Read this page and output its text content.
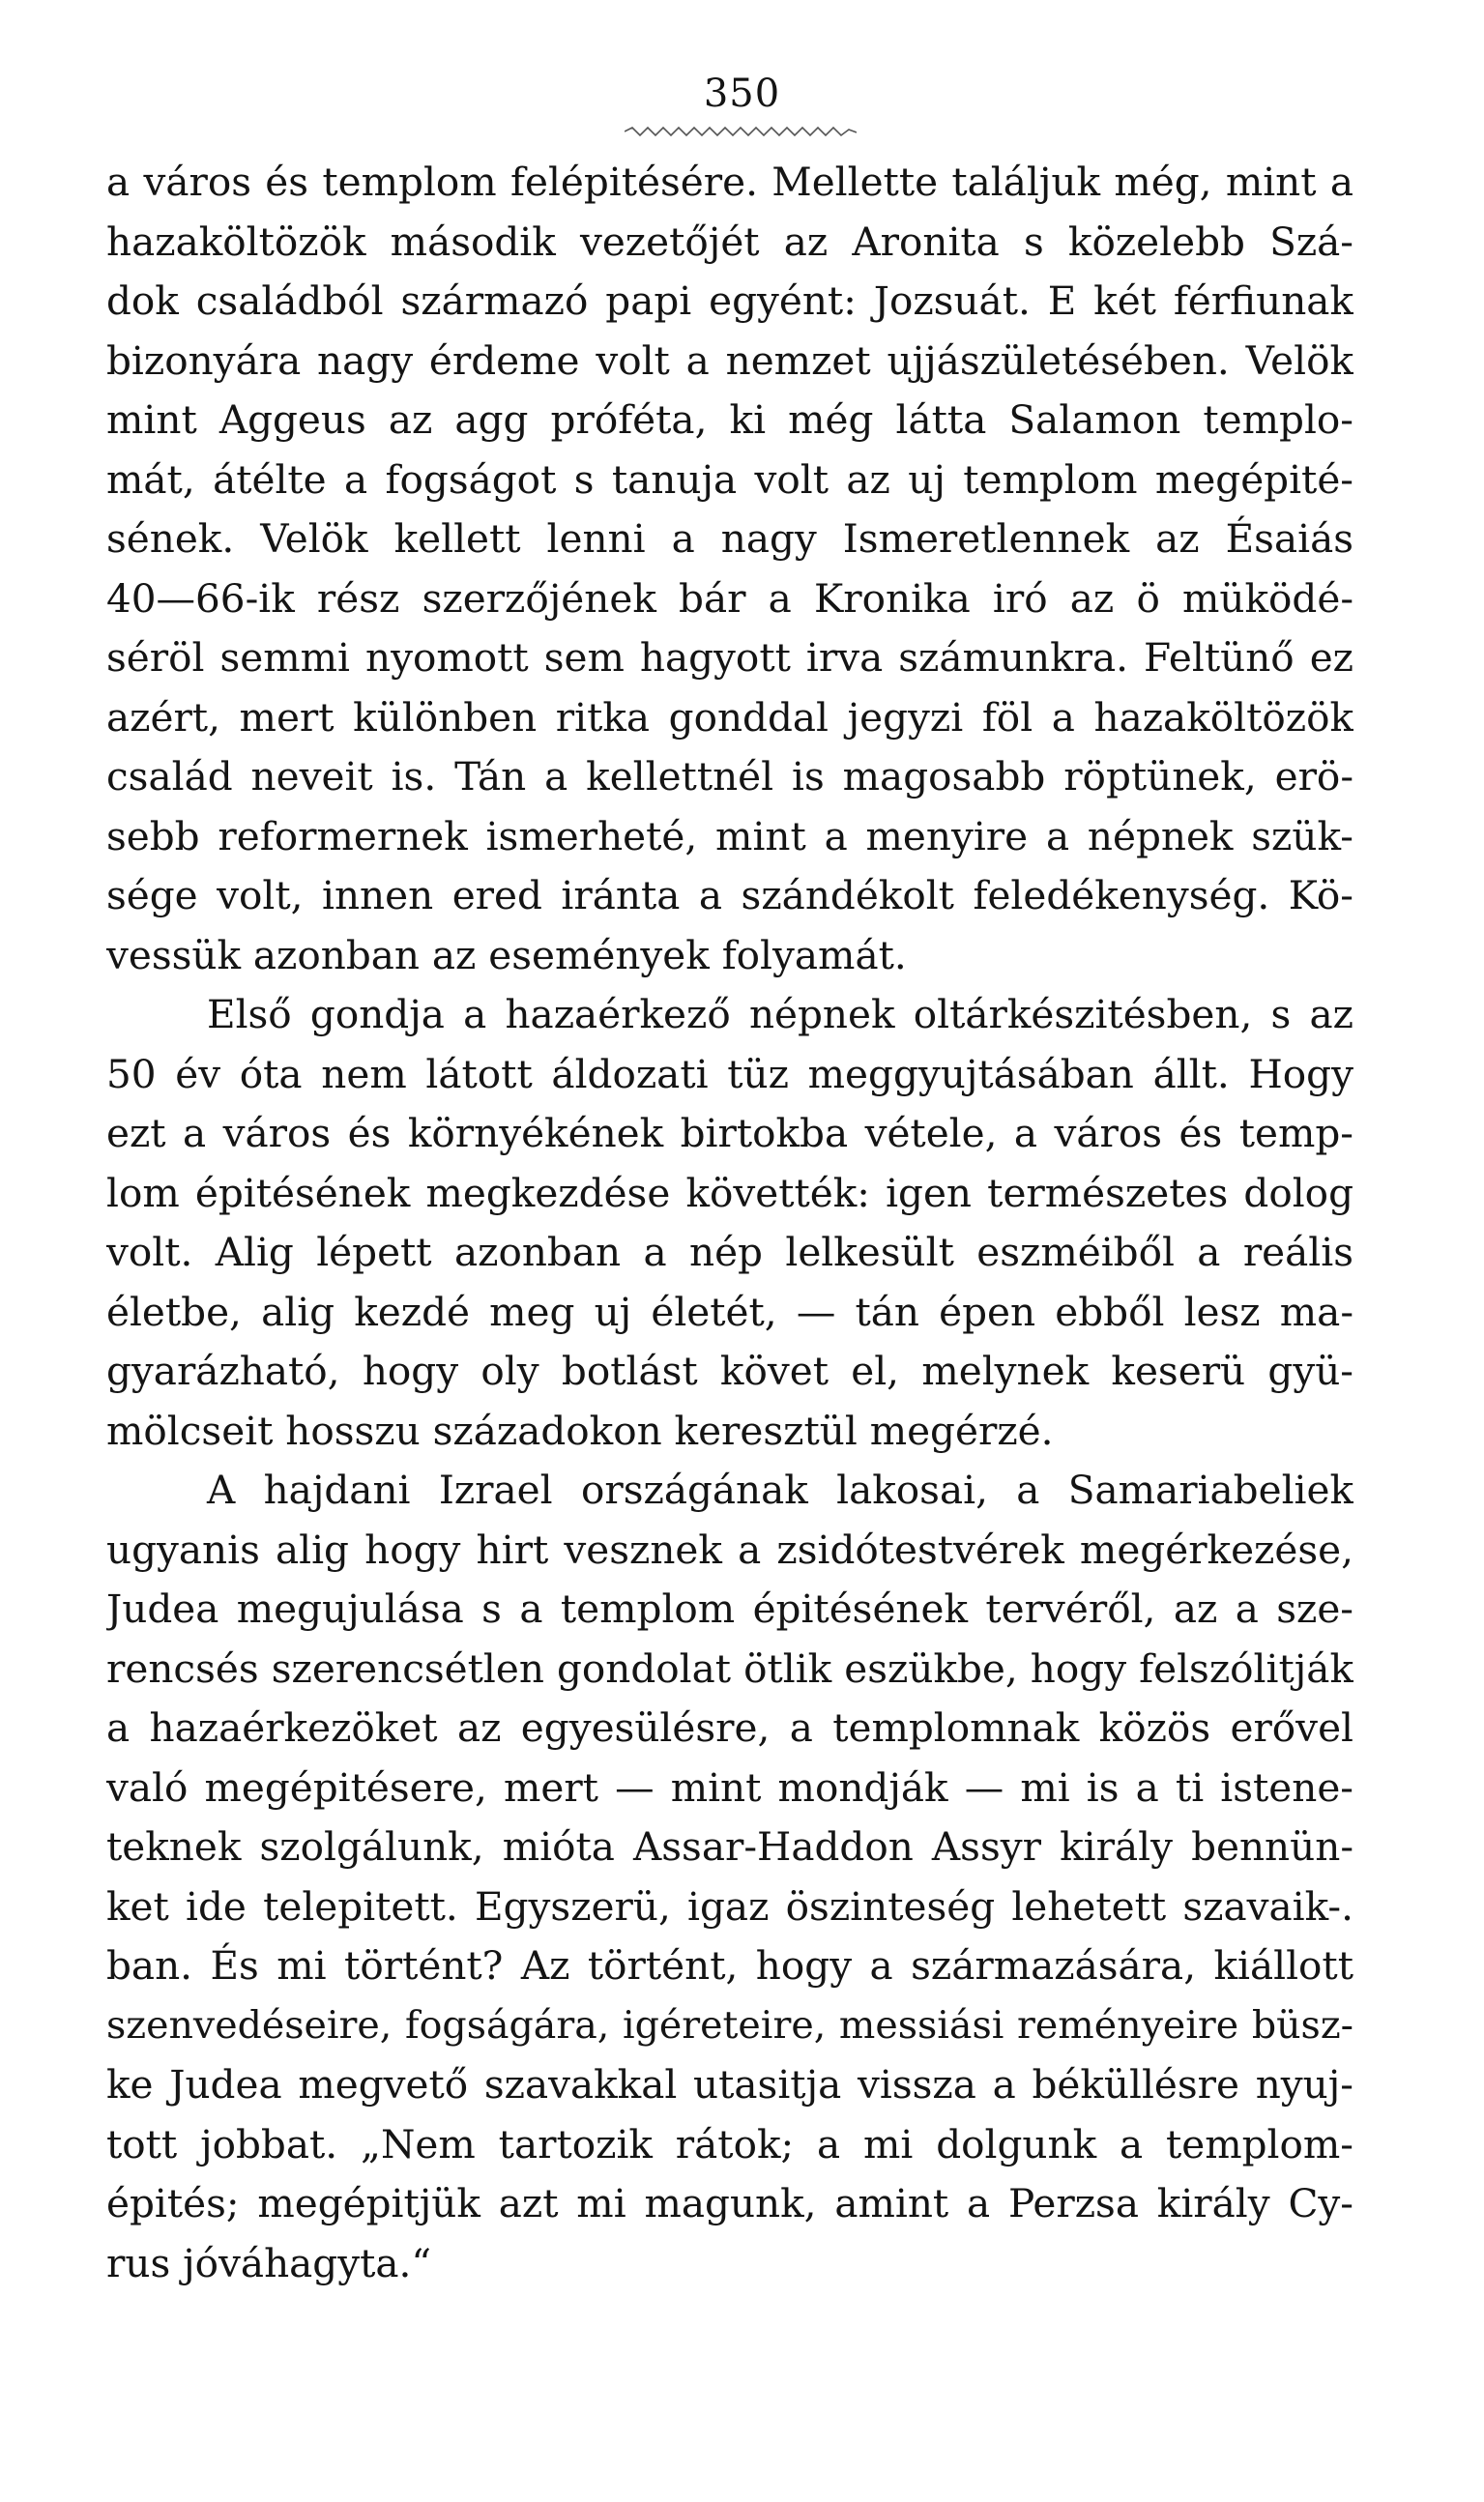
350
a város és templom felépitésére. Mellette találjuk még, mint a
hazaköltözök második vezetőjét az Aronita s közelebb Szá-
dok családból származó papi egyént: Jozsuát. E két férfiunak
bizonyára nagy érdeme volt a nemzet ujjászületésében. Velök
mint Aggeus az agg próféta, ki még látta Salamon templo-
mát, átélte a fogságot s tanuja volt az uj templom megépité-
sének. Velök kellett lenni a nagy Ismeretlennek az Ésaiás
40—66-ik rész szerzőjének bár a Kronika iró az ö müködé-
séröl semmi nyomott sem hagyott irva számunkra. Feltünő ez
azért, mert különben ritka gonddal jegyzi föl a hazaköltözök
család neveit is. Tán a kellettnél is magosabb röptünek, erö-
sebb reformernek ismerheté, mint a menyire a népnek szük-
sége volt, innen ered iránta a szándékolt feledékenység. Kö-
vessük azonban az események folyamát.
Első gondja a hazaérkező népnek oltárkészitésben, s az
50 év óta nem látott áldozati tüz meggyujtásában állt. Hogy
ezt a város és környékének birtokba vétele, a város és temp-
lom épitésének megkezdése követték: igen természetes dolog
volt. Alig lépett azonban a nép lelkesült eszméiből a reális
életbe, alig kezdé meg uj életét, — tán épen ebből lesz ma-
gyarázható, hogy oly botlást követ el, melynek keserü gyü-
mölcseit hosszu századokon keresztül megérzé.
A hajdani Izrael országának lakosai, a Samariabeliek
ugyanis alig hogy hirt vesznek a zsidótestvérek megérkezése,
Judea megujulása s a templom épitésének tervéről, az a sze-
rencsés szerencsétlen gondolat ötlik eszükbe, hogy felszólitják
a hazaérkezöket az egyesülésre, a templomnak közös erővel
való megépitésere, mert — mint mondják — mi is a ti istene-
teknek szolgálunk, mióta Assar-Haddon Assyr király bennün-
ket ide telepitett. Egyszerü, igaz öszinteség lehetett szavaik-.
ban. És mi történt? Az történt, hogy a származására, kiállott
szenvedéseire, fogságára, igéreteire, messiási reményeire büsz-
ke Judea megvető szavakkal utasitja vissza a béküllésre nyuj-
tott jobbat. „Nem tartozik rátok; a mi dolgunk a templom-
épités; megépitjük azt mi magunk, amint a Perzsa király Cy-
rus jóváhagyta.“
